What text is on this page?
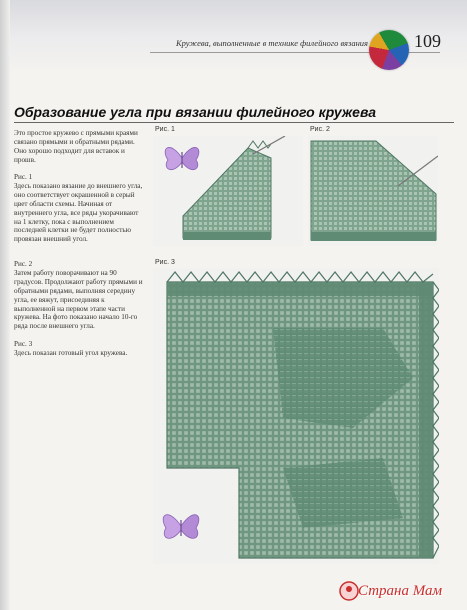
Кружева, выполненные в технике филейного вязания	109
Образование угла при вязании филейного кружева

Это простое кружево с прямыми краями связано прямыми и обратными рядами. Оно хорошо подходит для вставок и прошв.

Рис. 1

Здесь показано вязание до внешнего угла, оно соответствует окрашенной в серый цвет области схемы. Начиная от внутреннего угла, все ряды укорачивают на 1 клетку, пока с выполнением последней клетки не будет полностью провязан внешний угол.

Рис. 2

Затем работу поворачивают на 90 градусов. Продолжают работу прямыми и обратными рядами, выполняя середину угла, ее вяжут, присоединяя к выполненной на первом этапе части кружева. На фото показано начало 10-го ряда после внешнего угла.

Рис. 3

Здесь показан готовый угол кружева.

Рис. 1	Рис. 2
Рис. 3
Страна Мам
